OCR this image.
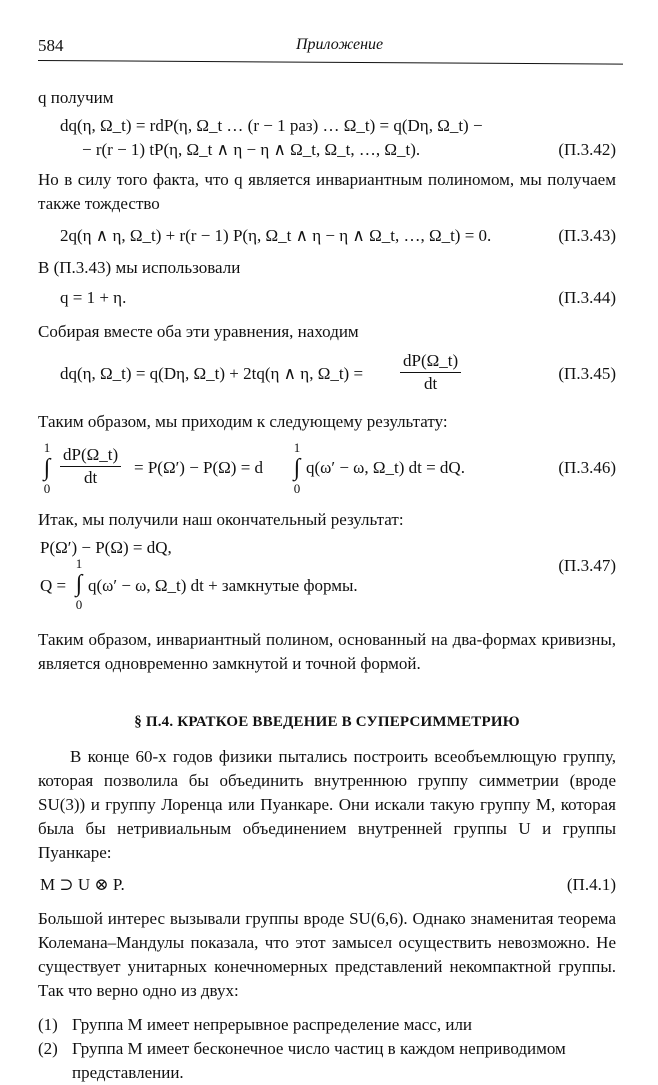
584	Приложение

q получим

dq(η, Ω_t) = rdP(η, Ω_t … (r − 1 раз) … Ω_t) = q(Dη, Ω_t) −
− r(r − 1) tP(η, Ω_t ∧ η − η ∧ Ω_t, Ω_t, …, Ω_t).	(П.3.42)

Но в силу того факта, что q является инвариантным полиномом, мы получаем также тождество

2q(η ∧ η, Ω_t) + r(r − 1) P(η, Ω_t ∧ η − η ∧ Ω_t, …, Ω_t) = 0.	(П.3.43)

В (П.3.43) мы использовали

q = 1 + η.	(П.3.44)

Собирая вместе оба эти уравнения, находим

dq(η, Ω_t) = q(Dη, Ω_t) + 2tq(η ∧ η, Ω_t) = $\frac{dP(\Omega\_t)}{dt}$	(П.3.45)

Таким образом, мы приходим к следующему результату:

1
∫
$0 \frac{dP(\Omega\_t)}{dt} = P(\Omega') - P(\Omega) = d$
1
∫
0
q(ω′ − ω, Ω_t) dt = dQ.	(П.3.46)

Итак, мы получили наш окончательный результат:

P(Ω′) − P(Ω) = dQ,
Q =
1
∫
0
q(ω′ − ω, Ω_t) dt + замкнутые формы.
(П.3.47)

Таким образом, инвариантный полином, основанный на два-формах кривизны, является одновременно замкнутой и точной формой.

§ П.4. КРАТКОЕ ВВЕДЕНИЕ В СУПЕРСИММЕТРИЮ

В конце 60-х годов физики пытались построить всеобъемлющую группу, которая позволила бы объединить внутреннюю группу симметрии (вроде SU(3)) и группу Лоренца или Пуанкаре. Они искали такую группу M, которая была бы нетривиальным объединением внутренней группы U и группы Пуанкаре:

M ⊃ U ⊗ P.	(П.4.1)

Большой интерес вызывали группы вроде SU(6,6). Однако знаменитая теорема Колемана–Мандулы показала, что этот замысел осуществить невозможно. Не существует унитарных конечномерных представлений некомпактной группы. Так что верно одно из двух:

(1) Группа M имеет непрерывное распределение масс, или
(2) Группа M имеет бесконечное число частиц в каждом неприводимом представлении.
